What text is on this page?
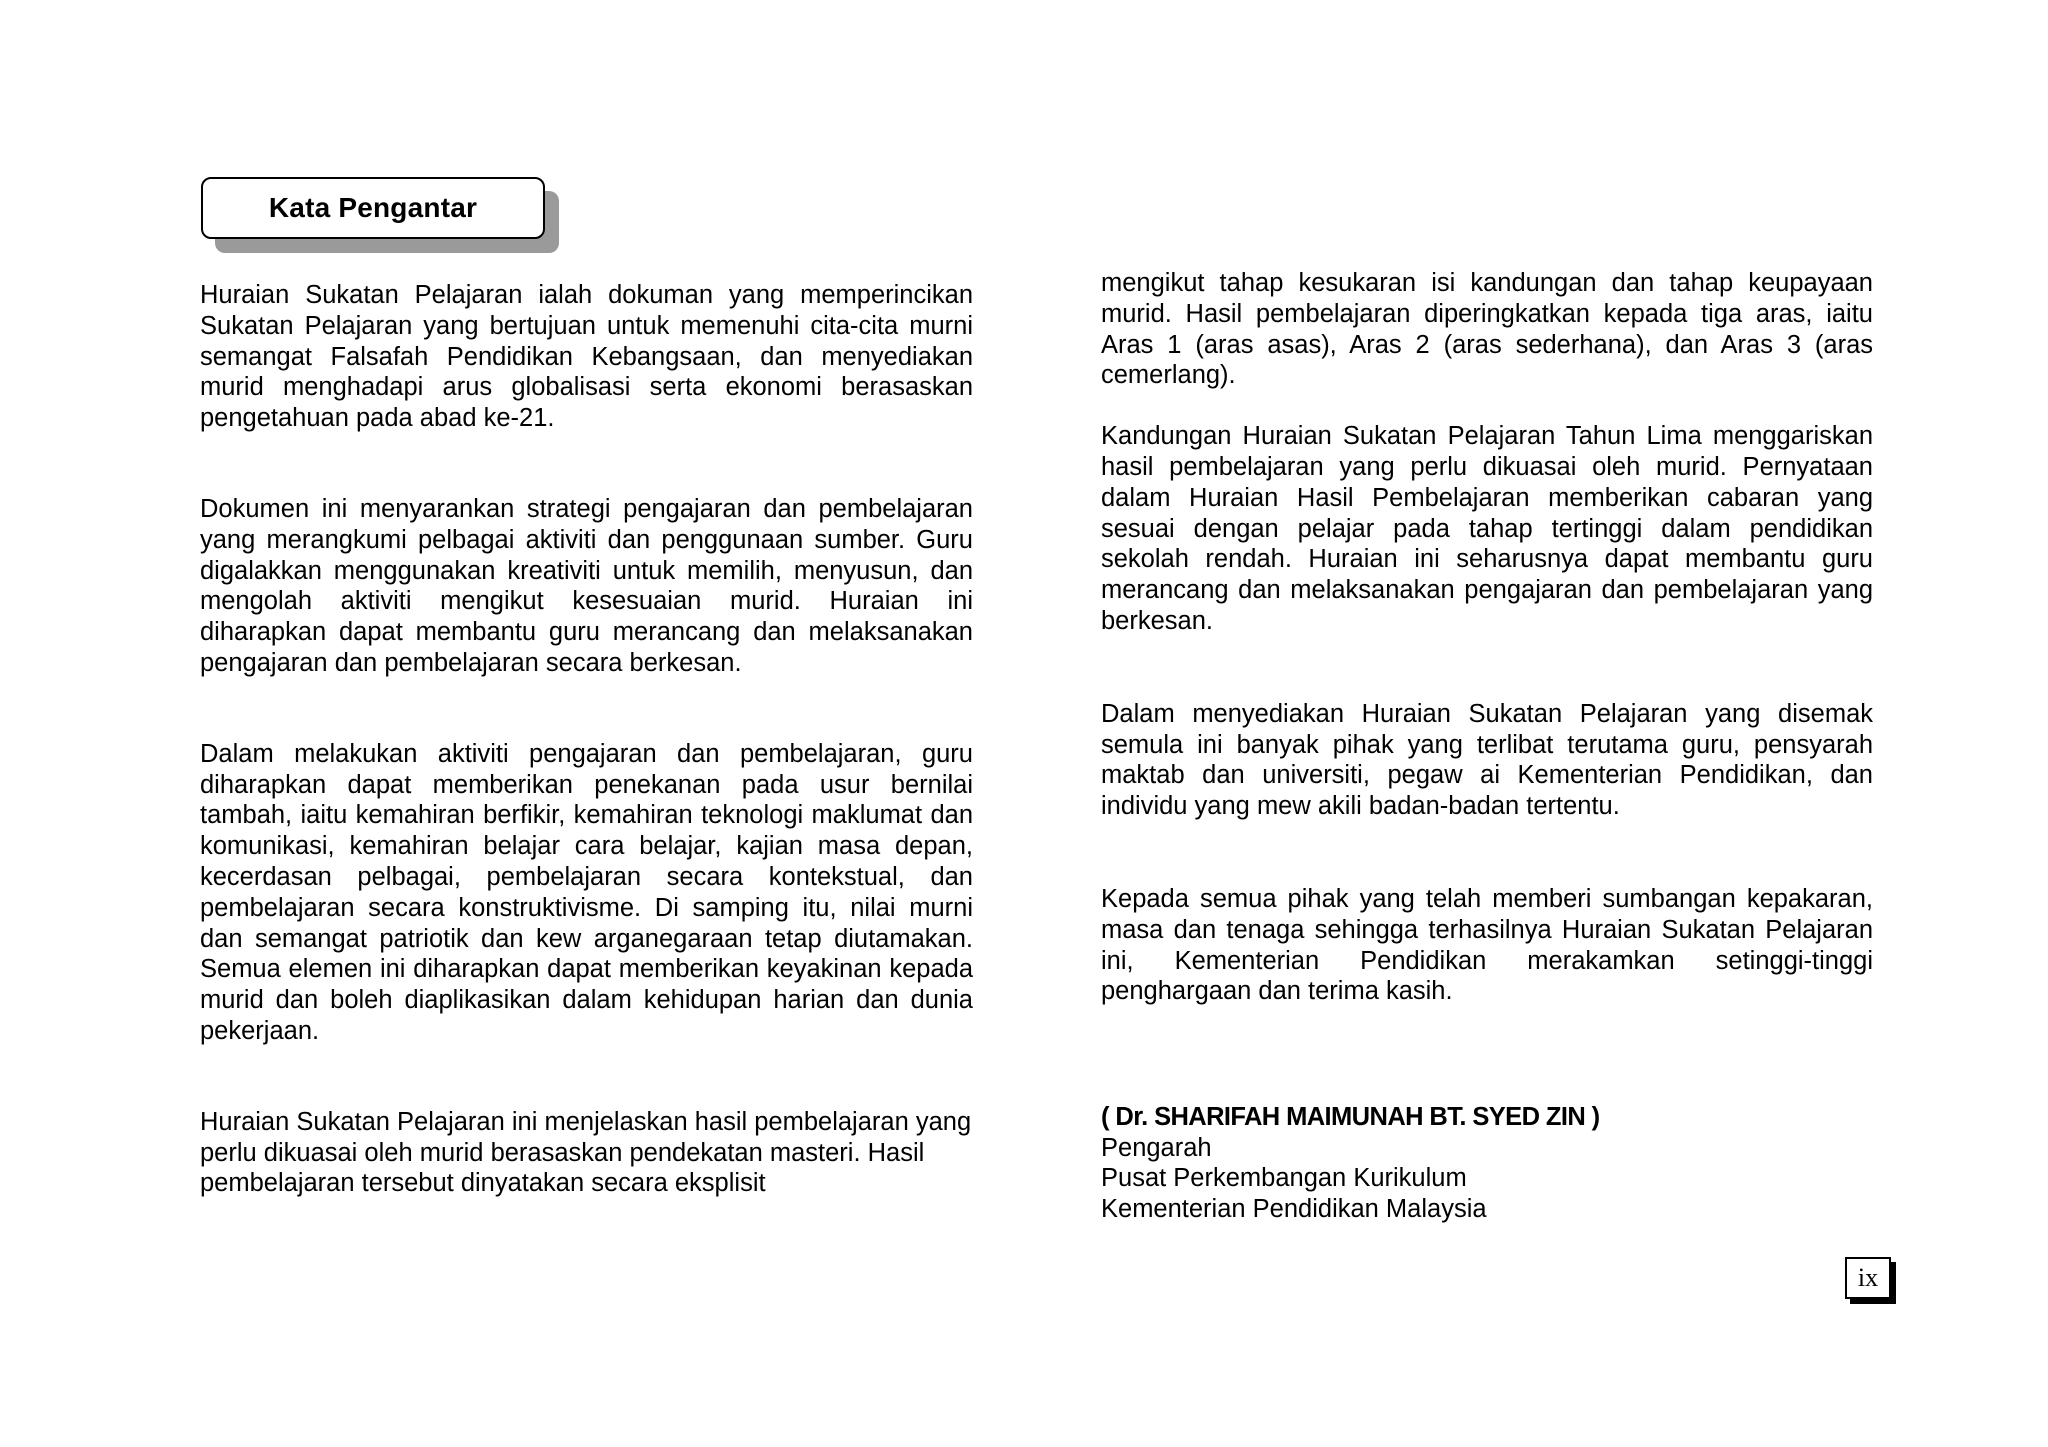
Kata Pengantar

Huraian Sukatan Pelajaran ialah dokuman yang memperincikan Sukatan Pelajaran yang bertujuan untuk memenuhi cita-cita murni semangat Falsafah Pendidikan Kebangsaan, dan menyediakan murid menghadapi arus globalisasi serta ekonomi berasaskan pengetahuan pada abad ke-21.

Dokumen ini menyarankan strategi pengajaran dan pembelajaran yang merangkumi pelbagai aktiviti dan penggunaan sumber. Guru digalakkan menggunakan kreativiti untuk memilih, menyusun, dan mengolah aktiviti mengikut kesesuaian murid. Huraian ini diharapkan dapat membantu guru merancang dan melaksanakan pengajaran dan pembelajaran secara berkesan.

Dalam melakukan aktiviti pengajaran dan pembelajaran, guru diharapkan dapat memberikan penekanan pada usur bernilai tambah, iaitu kemahiran berfikir, kemahiran teknologi maklumat dan komunikasi, kemahiran belajar cara belajar, kajian masa depan, kecerdasan pelbagai, pembelajaran secara kontekstual, dan pembelajaran secara konstruktivisme. Di samping itu, nilai murni dan semangat patriotik dan kew arganegaraan tetap diutamakan. Semua elemen ini diharapkan dapat memberikan keyakinan kepada murid dan boleh diaplikasikan dalam kehidupan harian dan dunia pekerjaan.

Huraian Sukatan Pelajaran ini menjelaskan hasil pembelajaran yang perlu dikuasai oleh murid berasaskan pendekatan masteri. Hasil pembelajaran tersebut dinyatakan secara eksplisit

mengikut tahap kesukaran isi kandungan dan tahap keupayaan murid. Hasil pembelajaran diperingkatkan kepada tiga aras, iaitu Aras 1 (aras asas), Aras 2 (aras sederhana), dan Aras 3 (aras cemerlang).

Kandungan Huraian Sukatan Pelajaran Tahun Lima menggariskan hasil pembelajaran yang perlu dikuasai oleh murid. Pernyataan dalam Huraian Hasil Pembelajaran memberikan cabaran yang sesuai dengan pelajar pada tahap tertinggi dalam pendidikan sekolah rendah. Huraian ini seharusnya dapat membantu guru merancang dan melaksanakan pengajaran dan pembelajaran yang berkesan.

Dalam menyediakan Huraian Sukatan Pelajaran yang disemak semula ini banyak pihak yang terlibat terutama guru, pensyarah maktab dan universiti, pegaw ai Kementerian Pendidikan, dan individu yang mew akili badan-badan tertentu.

Kepada semua pihak yang telah memberi sumbangan kepakaran, masa dan tenaga sehingga terhasilnya Huraian Sukatan Pelajaran ini, Kementerian Pendidikan merakamkan setinggi-tinggi penghargaan dan terima kasih.

( Dr. SHARIFAH MAIMUNAH BT. SYED ZIN )
Pengarah
Pusat Perkembangan Kurikulum
Kementerian Pendidikan Malaysia
ix
